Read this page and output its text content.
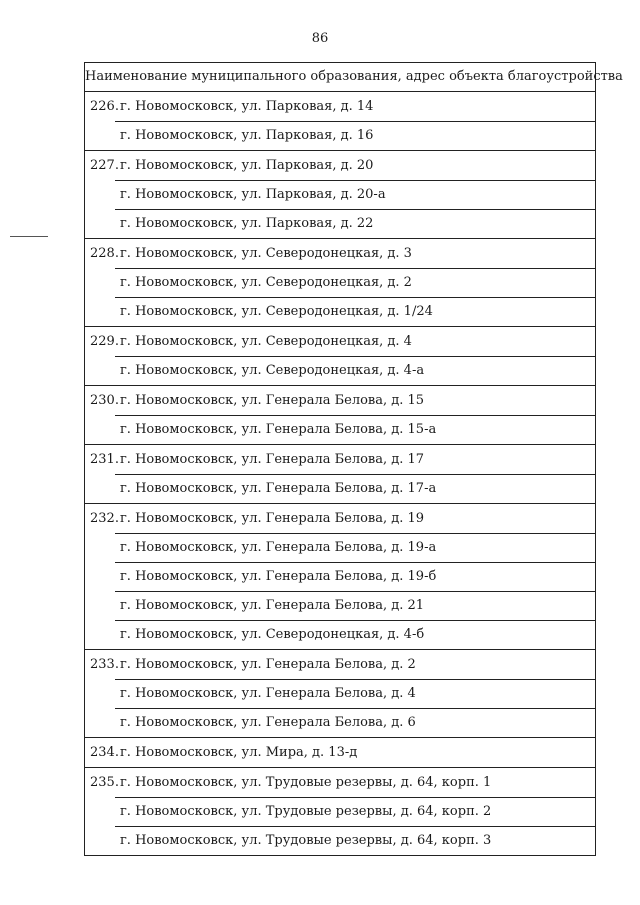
86
Наименование муниципального образования, адрес объекта благоустройства
226. г. Новомосковск, ул. Парковая, д. 14
г. Новомосковск, ул. Парковая, д. 16
227. г. Новомосковск, ул. Парковая, д. 20
г. Новомосковск, ул. Парковая, д. 20-а
г. Новомосковск, ул. Парковая, д. 22
228. г. Новомосковск, ул. Северодонецкая, д. 3
г. Новомосковск, ул. Северодонецкая, д. 2
г. Новомосковск, ул. Северодонецкая, д. 1/24
229. г. Новомосковск, ул. Северодонецкая, д. 4
г. Новомосковск, ул. Северодонецкая, д. 4-а
230. г. Новомосковск, ул. Генерала Белова, д. 15
г. Новомосковск, ул. Генерала Белова, д. 15-а
231. г. Новомосковск, ул. Генерала Белова, д. 17
г. Новомосковск, ул. Генерала Белова, д. 17-а
232. г. Новомосковск, ул. Генерала Белова, д. 19
г. Новомосковск, ул. Генерала Белова, д. 19-а
г. Новомосковск, ул. Генерала Белова, д. 19-б
г. Новомосковск, ул. Генерала Белова, д. 21
г. Новомосковск, ул. Северодонецкая, д. 4-б
233. г. Новомосковск, ул. Генерала Белова, д. 2
г. Новомосковск, ул. Генерала Белова, д. 4
г. Новомосковск, ул. Генерала Белова, д. 6
234. г. Новомосковск, ул. Мира, д. 13-д
235. г. Новомосковск, ул. Трудовые резервы, д. 64, корп. 1
г. Новомосковск, ул. Трудовые резервы, д. 64, корп. 2
г. Новомосковск, ул. Трудовые резервы, д. 64, корп. 3
